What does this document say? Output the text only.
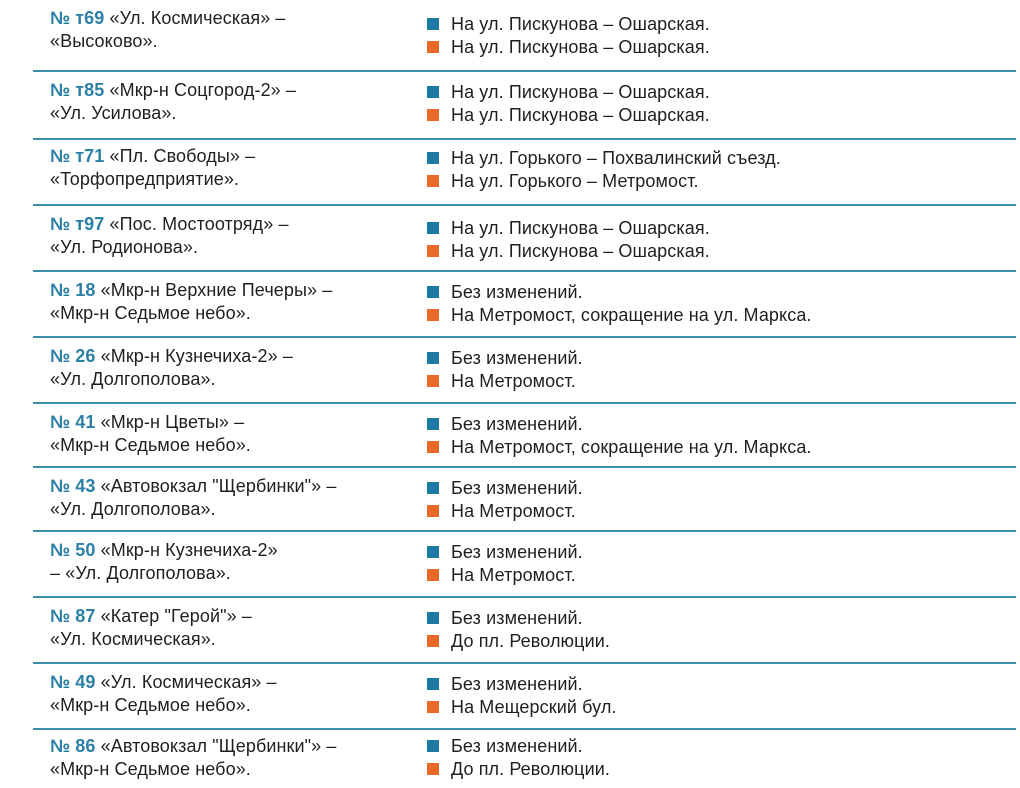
№ т69 «Ул. Космическая» –
«Высоково».
На ул. Пискунова – Ошарская.
На ул. Пискунова – Ошарская.
№ т85 «Мкр-н Соцгород-2» –
«Ул. Усилова».
На ул. Пискунова – Ошарская.
На ул. Пискунова – Ошарская.
№ т71 «Пл. Свободы» –
«Торфопредприятие».
На ул. Горького – Похвалинский съезд.
На ул. Горького – Метромост.
№ т97 «Пос. Мостоотряд» –
«Ул. Родионова».
На ул. Пискунова – Ошарская.
На ул. Пискунова – Ошарская.
№ 18 «Мкр-н Верхние Печеры» –
«Мкр-н Седьмое небо».
Без изменений.
На Метромост, сокращение на ул. Маркса.
№ 26 «Мкр-н Кузнечиха-2» –
«Ул. Долгополова».
Без изменений.
На Метромост.
№ 41 «Мкр-н Цветы» –
«Мкр-н Седьмое небо».
Без изменений.
На Метромост, сокращение на ул. Маркса.
№ 43 «Автовокзал "Щербинки"» –
«Ул. Долгополова».
Без изменений.
На Метромост.
№ 50 «Мкр-н Кузнечиха-2»
– «Ул. Долгополова».
Без изменений.
На Метромост.
№ 87 «Катер "Герой"» –
«Ул. Космическая».
Без изменений.
До пл. Революции.
№ 49 «Ул. Космическая» –
«Мкр-н Седьмое небо».
Без изменений.
На Мещерский бул.
№ 86 «Автовокзал "Щербинки"» –
«Мкр-н Седьмое небо».
Без изменений.
До пл. Революции.
